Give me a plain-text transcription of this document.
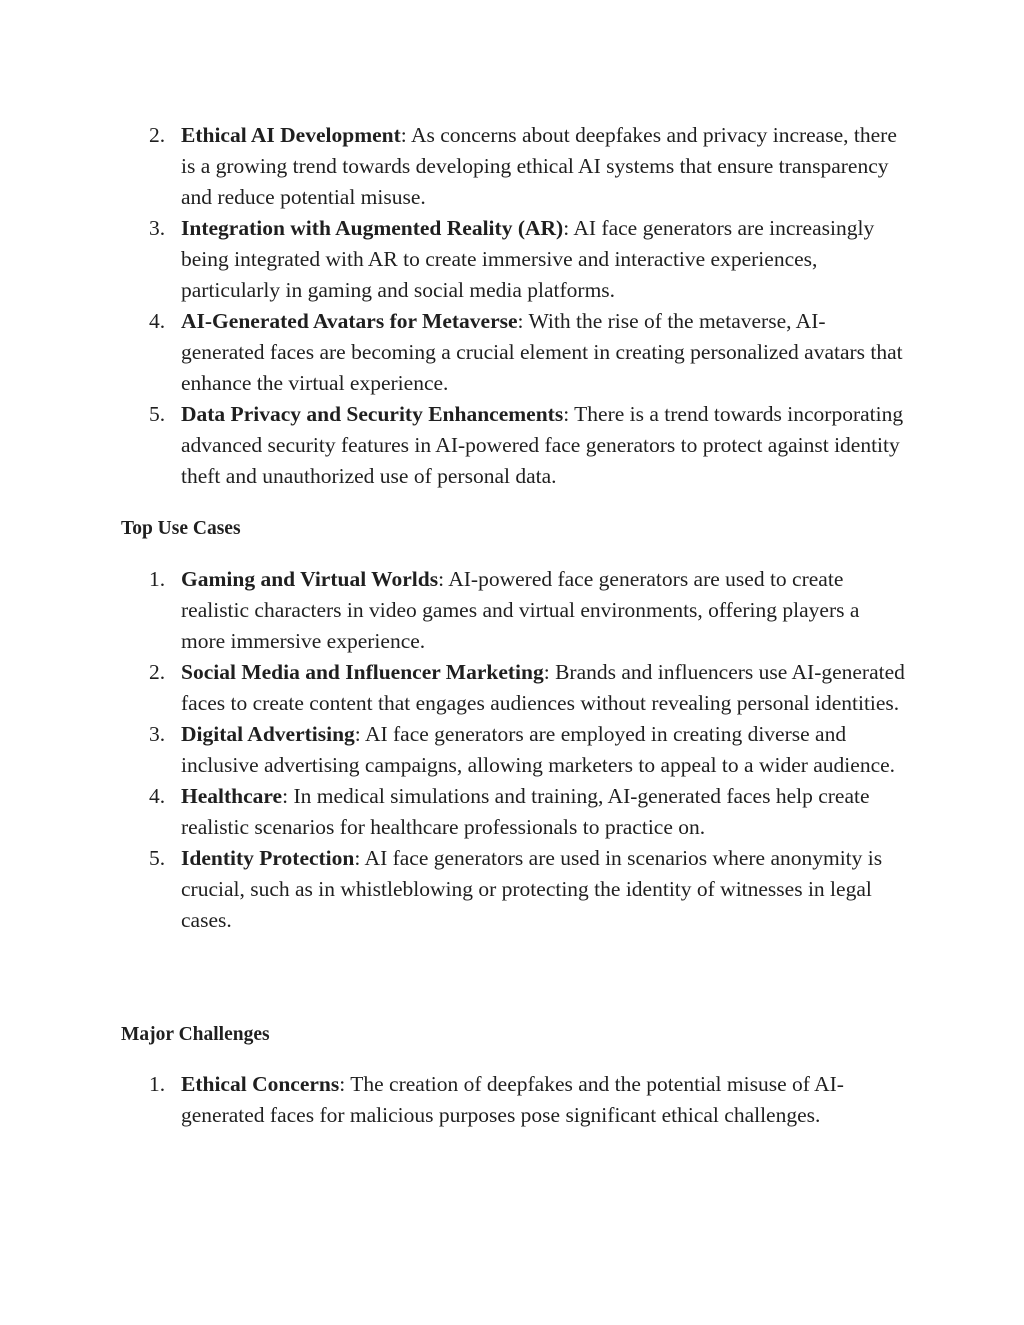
2. Ethical AI Development: As concerns about deepfakes and privacy increase, there is a growing trend towards developing ethical AI systems that ensure transparency and reduce potential misuse.
3. Integration with Augmented Reality (AR): AI face generators are increasingly being integrated with AR to create immersive and interactive experiences, particularly in gaming and social media platforms.
4. AI-Generated Avatars for Metaverse: With the rise of the metaverse, AI-generated faces are becoming a crucial element in creating personalized avatars that enhance the virtual experience.
5. Data Privacy and Security Enhancements: There is a trend towards incorporating advanced security features in AI-powered face generators to protect against identity theft and unauthorized use of personal data.
Top Use Cases
1. Gaming and Virtual Worlds: AI-powered face generators are used to create realistic characters in video games and virtual environments, offering players a more immersive experience.
2. Social Media and Influencer Marketing: Brands and influencers use AI-generated faces to create content that engages audiences without revealing personal identities.
3. Digital Advertising: AI face generators are employed in creating diverse and inclusive advertising campaigns, allowing marketers to appeal to a wider audience.
4. Healthcare: In medical simulations and training, AI-generated faces help create realistic scenarios for healthcare professionals to practice on.
5. Identity Protection: AI face generators are used in scenarios where anonymity is crucial, such as in whistleblowing or protecting the identity of witnesses in legal cases.
Major Challenges
1. Ethical Concerns: The creation of deepfakes and the potential misuse of AI-generated faces for malicious purposes pose significant ethical challenges.
